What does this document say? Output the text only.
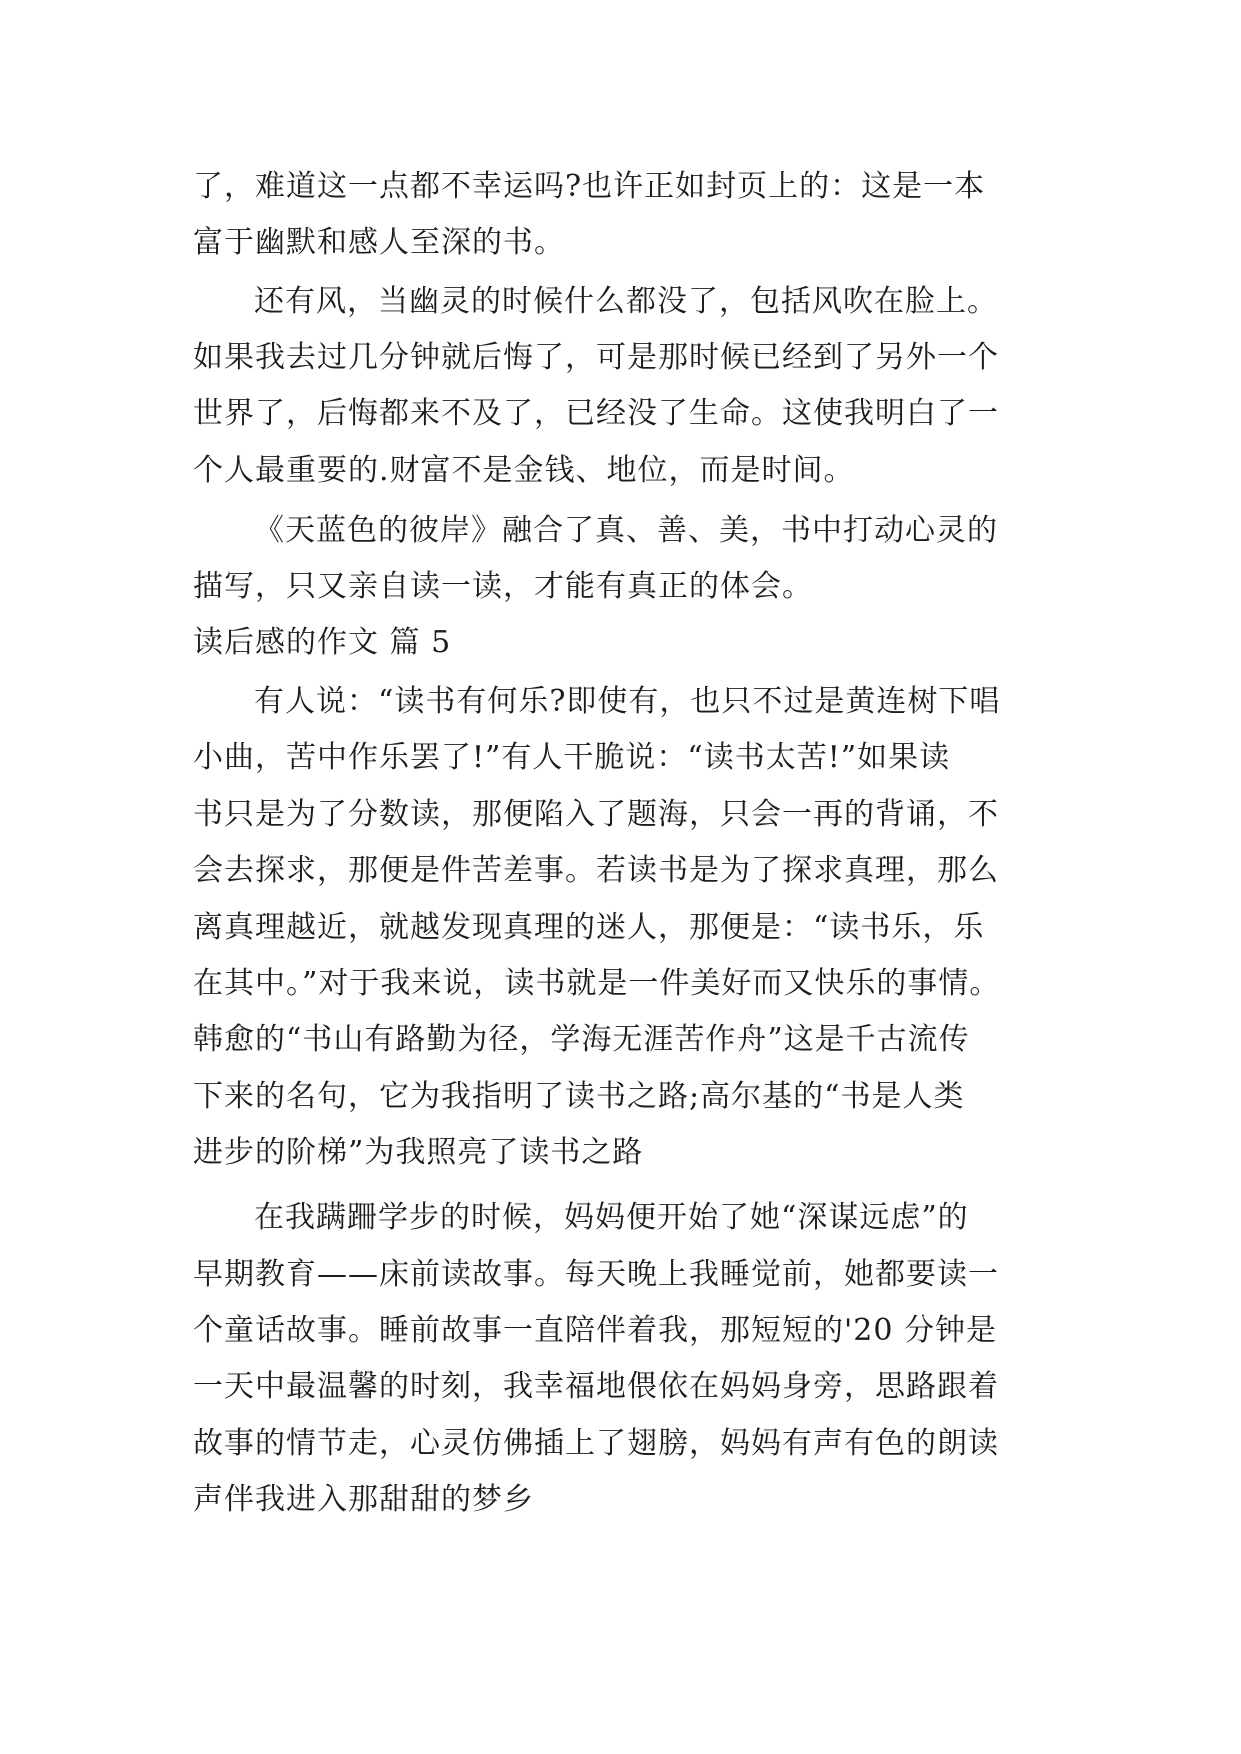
了，难道这一点都不幸运吗?也许正如封页上的：这是一本

富于幽默和感人至深的书。

还有风，当幽灵的时候什么都没了，包括风吹在脸上。

如果我去过几分钟就后悔了，可是那时候已经到了另外一个

世界了，后悔都来不及了，已经没了生命。这使我明白了一

个人最重要的.财富不是金钱、地位，而是时间。

《天蓝色的彼岸》融合了真、善、美，书中打动心灵的

描写，只又亲自读一读，才能有真正的体会。

读后感的作文 篇 5

有人说：“读书有何乐?即使有，也只不过是黄连树下唱

小曲，苦中作乐罢了!”有人干脆说：“读书太苦!”如果读

书只是为了分数读，那便陷入了题海，只会一再的背诵，不

会去探求，那便是件苦差事。若读书是为了探求真理，那么

离真理越近，就越发现真理的迷人，那便是：“读书乐，乐

在其中。”对于我来说，读书就是一件美好而又快乐的事情。

韩愈的“书山有路勤为径，学海无涯苦作舟”这是千古流传

下来的名句，它为我指明了读书之路;高尔基的“书是人类

进步的阶梯”为我照亮了读书之路

在我蹒跚学步的时候，妈妈便开始了她“深谋远虑”的

早期教育——床前读故事。每天晚上我睡觉前，她都要读一

个童话故事。睡前故事一直陪伴着我，那短短的'20 分钟是

一天中最温馨的时刻，我幸福地偎依在妈妈身旁，思路跟着

故事的情节走，心灵仿佛插上了翅膀，妈妈有声有色的朗读

声伴我进入那甜甜的梦乡
